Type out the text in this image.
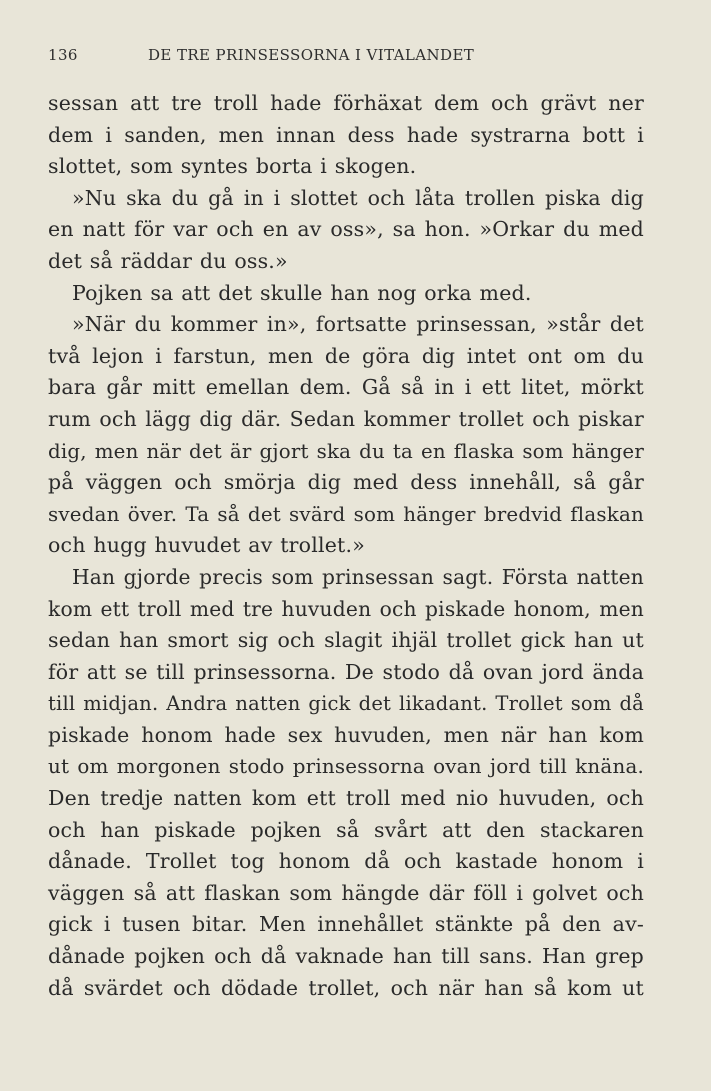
136	DE TRE PRINSESSORNA I VITALANDET
sessan att tre troll hade förhäxat dem och grävt ner
dem i sanden, men innan dess hade systrarna bott i
slottet, som syntes borta i skogen.
»Nu ska du gå in i slottet och låta trollen piska dig
en natt för var och en av oss», sa hon. »Orkar du med
det så räddar du oss.»
Pojken sa att det skulle han nog orka med.
»När du kommer in», fortsatte prinsessan, »står det
två lejon i farstun, men de göra dig intet ont om du
bara går mitt emellan dem. Gå så in i ett litet, mörkt
rum och lägg dig där. Sedan kommer trollet och piskar
dig, men när det är gjort ska du ta en flaska som hänger
på väggen och smörja dig med dess innehåll, så går
svedan över. Ta så det svärd som hänger bredvid flaskan
och hugg huvudet av trollet.»
Han gjorde precis som prinsessan sagt. Första natten
kom ett troll med tre huvuden och piskade honom, men
sedan han smort sig och slagit ihjäl trollet gick han ut
för att se till prinsessorna. De stodo då ovan jord ända
till midjan. Andra natten gick det likadant. Trollet som då
piskade honom hade sex huvuden, men när han kom
ut om morgonen stodo prinsessorna ovan jord till knäna.
Den tredje natten kom ett troll med nio huvuden, och
och han piskade pojken så svårt att den stackaren
dånade. Trollet tog honom då och kastade honom i
väggen så att flaskan som hängde där föll i golvet och
gick i tusen bitar. Men innehållet stänkte på den av-
dånade pojken och då vaknade han till sans. Han grep
då svärdet och dödade trollet, och när han så kom ut
